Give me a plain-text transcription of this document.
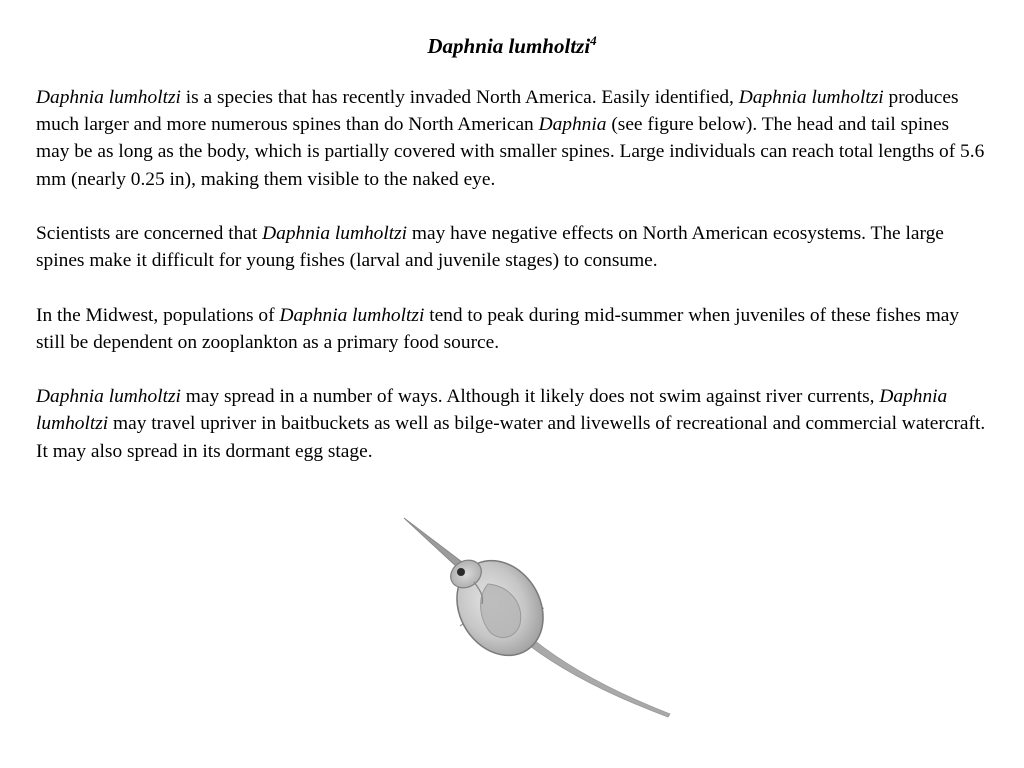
Daphnia lumholtzi$^4$

Daphnia lumholtzi is a species that has recently invaded North America. Easily identified, Daphnia lumholtzi produces much larger and more numerous spines than do North American Daphnia (see figure below). The head and tail spines may be as long as the body, which is partially covered with smaller spines. Large individuals can reach total lengths of 5.6 mm (nearly 0.25 in), making them visible to the naked eye.

Scientists are concerned that Daphnia lumholtzi may have negative effects on North American ecosystems. The large spines make it difficult for young fishes (larval and juvenile stages) to consume.

In the Midwest, populations of Daphnia lumholtzi tend to peak during mid-summer when juveniles of these fishes may still be dependent on zooplankton as a primary food source.

Daphnia lumholtzi may spread in a number of ways. Although it likely does not swim against river currents, Daphnia lumholtzi may travel upriver in baitbuckets as well as bilge-water and livewells of recreational and commercial watercraft. It may also spread in its dormant egg stage.
